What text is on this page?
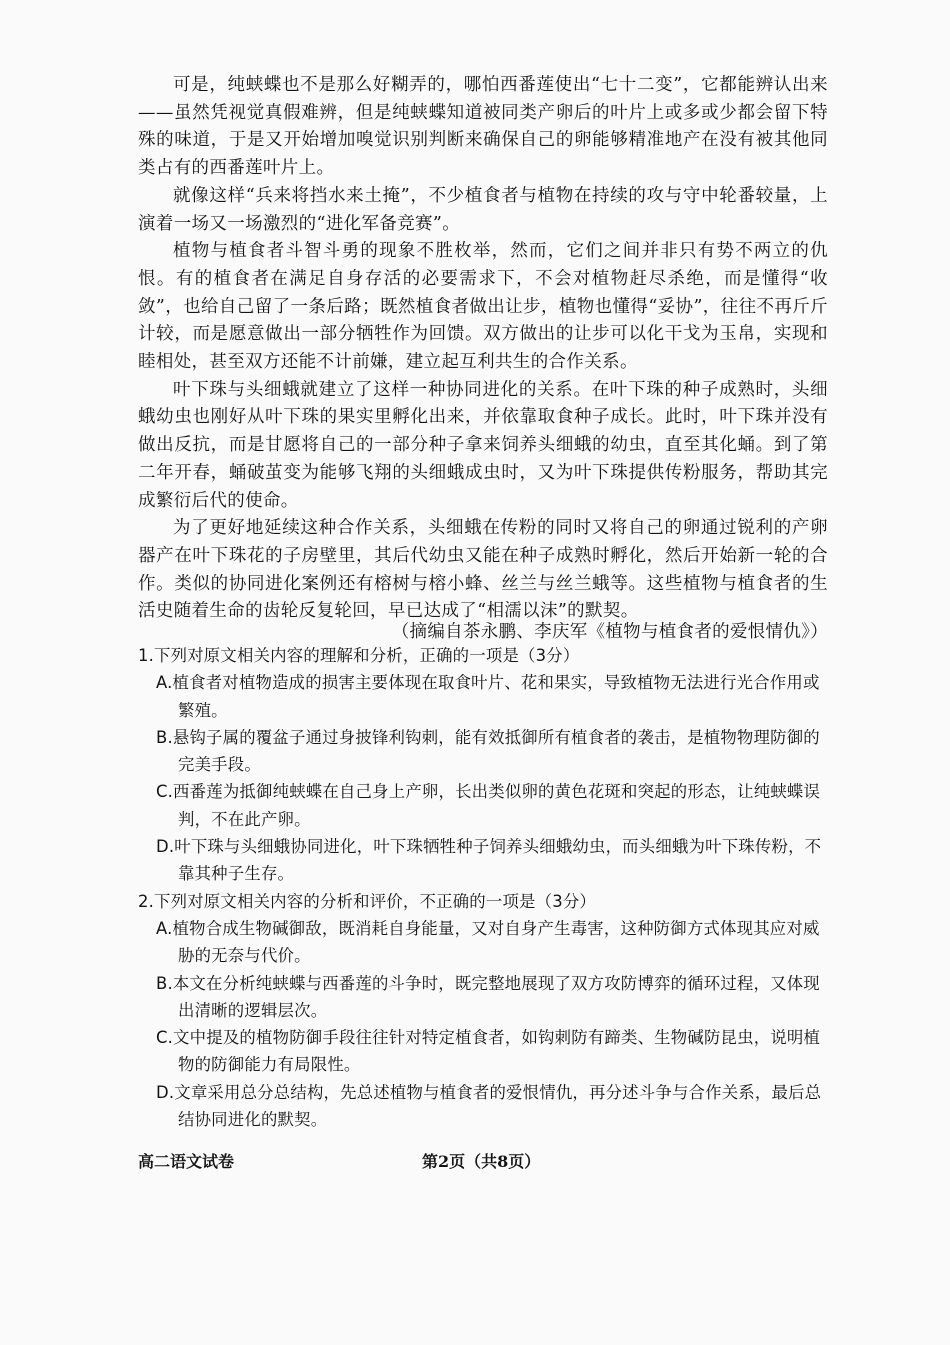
可是，纯蛱蝶也不是那么好糊弄的，哪怕西番莲使出“七十二变”，它都能辨认出来——虽然凭视觉真假难辨，但是纯蛱蝶知道被同类产卵后的叶片上或多或少都会留下特殊的味道，于是又开始增加嗅觉识别判断来确保自己的卵能够精准地产在没有被其他同类占有的西番莲叶片上。

就像这样“兵来将挡水来土掩”，不少植食者与植物在持续的攻与守中轮番较量，上演着一场又一场激烈的“进化军备竞赛”。

植物与植食者斗智斗勇的现象不胜枚举，然而，它们之间并非只有势不两立的仇恨。有的植食者在满足自身存活的必要需求下，不会对植物赶尽杀绝，而是懂得“收敛”，也给自己留了一条后路；既然植食者做出让步，植物也懂得“妥协”，往往不再斤斤计较，而是愿意做出一部分牺牲作为回馈。双方做出的让步可以化干戈为玉帛，实现和睦相处，甚至双方还能不计前嫌，建立起互利共生的合作关系。

叶下珠与头细蛾就建立了这样一种协同进化的关系。在叶下珠的种子成熟时，头细蛾幼虫也刚好从叶下珠的果实里孵化出来，并依靠取食种子成长。此时，叶下珠并没有做出反抗，而是甘愿将自己的一部分种子拿来饲养头细蛾的幼虫，直至其化蛹。到了第二年开春，蛹破茧变为能够飞翔的头细蛾成虫时，又为叶下珠提供传粉服务，帮助其完成繁衍后代的使命。

为了更好地延续这种合作关系，头细蛾在传粉的同时又将自己的卵通过锐利的产卵器产在叶下珠花的子房壁里，其后代幼虫又能在种子成熟时孵化，然后开始新一轮的合作。类似的协同进化案例还有榕树与榕小蜂、丝兰与丝兰蛾等。这些植物与植食者的生活史随着生命的齿轮反复轮回，早已达成了“相濡以沫”的默契。

（摘编自茶永鹏、李庆军《植物与植食者的爱恨情仇》）

1.下列对原文相关内容的理解和分析，正确的一项是（3分）

A.植食者对植物造成的损害主要体现在取食叶片、花和果实，导致植物无法进行光合作用或繁殖。

B.悬钩子属的覆盆子通过身披锋利钩刺，能有效抵御所有植食者的袭击，是植物物理防御的完美手段。

C.西番莲为抵御纯蛱蝶在自己身上产卵，长出类似卵的黄色花斑和突起的形态，让纯蛱蝶误判，不在此产卵。

D.叶下珠与头细蛾协同进化，叶下珠牺牲种子饲养头细蛾幼虫，而头细蛾为叶下珠传粉，不靠其种子生存。

2.下列对原文相关内容的分析和评价，不正确的一项是（3分）

A.植物合成生物碱御敌，既消耗自身能量，又对自身产生毒害，这种防御方式体现其应对威胁的无奈与代价。

B.本文在分析纯蛱蝶与西番莲的斗争时，既完整地展现了双方攻防博弈的循环过程，又体现出清晰的逻辑层次。

C.文中提及的植物防御手段往往针对特定植食者，如钩刺防有蹄类、生物碱防昆虫，说明植物的防御能力有局限性。

D.文章采用总分总结构，先总述植物与植食者的爱恨情仇，再分述斗争与合作关系，最后总结协同进化的默契。

高二语文试卷	第2页（共8页）
